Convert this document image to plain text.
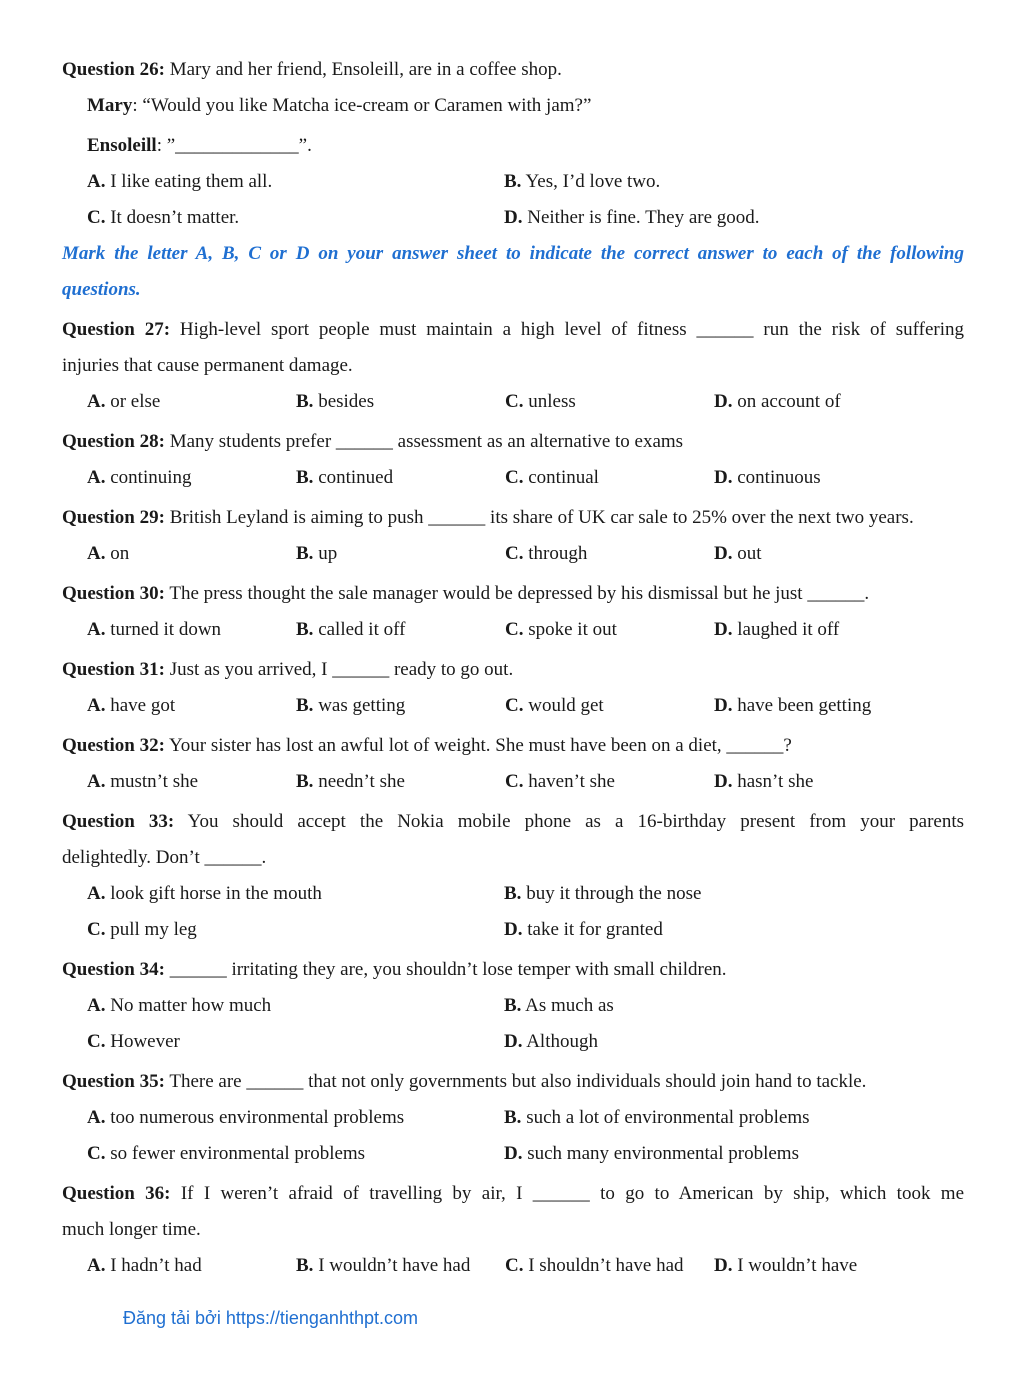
Question 26: Mary and her friend, Ensoleill, are in a coffee shop.
Mary: “Would you like Matcha ice-cream or Caramen with jam?”
Ensoleill: ”_____________”.
A. I like eating them all.	B. Yes, I’d love two.
C. It doesn’t matter.	D. Neither is fine. They are good.
Mark the letter A, B, C or D on your answer sheet to indicate the correct answer to each of the following
questions.
Question 27: High-level sport people must maintain a high level of fitness ______ run the risk of suffering
injuries that cause permanent damage.
A. or else	B. besides	C. unless	D. on account of
Question 28: Many students prefer ______ assessment as an alternative to exams
A. continuing	B. continued	C. continual	D. continuous
Question 29: British Leyland is aiming to push ______ its share of UK car sale to 25% over the next two years.
A. on	B. up	C. through	D. out
Question 30: The press thought the sale manager would be depressed by his dismissal but he just ______.
A. turned it down	B. called it off	C. spoke it out	D. laughed it off
Question 31: Just as you arrived, I ______ ready to go out.
A. have got	B. was getting	C. would get	D. have been getting
Question 32: Your sister has lost an awful lot of weight. She must have been on a diet, ______?
A. mustn’t she	B. needn’t she	C. haven’t she	D. hasn’t she
Question 33: You should accept the Nokia mobile phone as a 16-birthday present from your parents
delightedly. Don’t ______.
A. look gift horse in the mouth	B. buy it through the nose
C. pull my leg	D. take it for granted
Question 34: ______ irritating they are, you shouldn’t lose temper with small children.
A. No matter how much	B. As much as
C. However	D. Although
Question 35: There are ______ that not only governments but also individuals should join hand to tackle.
A. too numerous environmental problems	B. such a lot of environmental problems
C. so fewer environmental problems	D. such many environmental problems
Question 36: If I weren’t afraid of travelling by air, I ______ to go to American by ship, which took me
much longer time.
A. I hadn’t had	B. I wouldn’t have had	C. I shouldn’t have had	D. I wouldn’t have
Đăng tải bởi https://tienganhthpt.com
